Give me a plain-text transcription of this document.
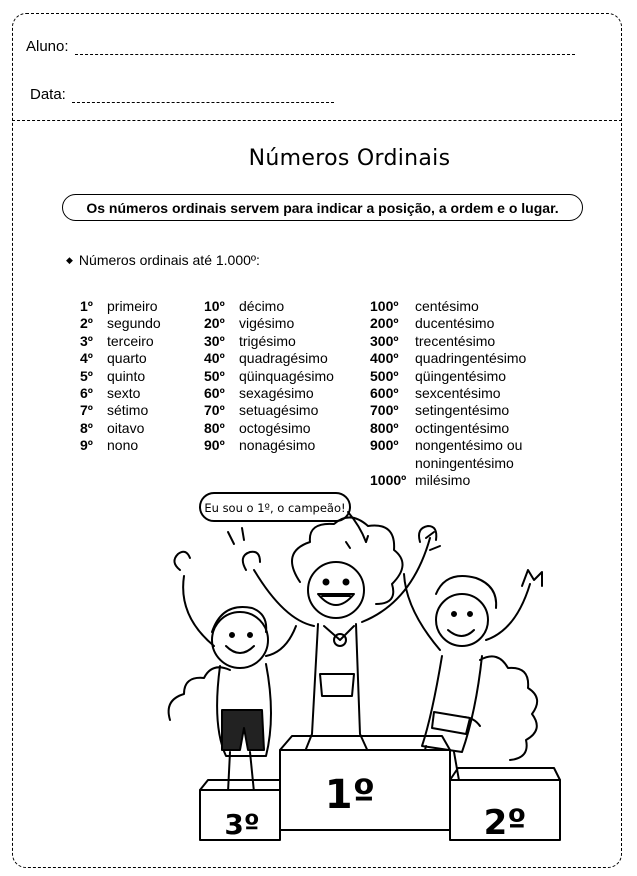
Aluno:
Data:
Números Ordinais
Os números ordinais servem para indicar a posição, a ordem e o lugar.
◆ Números ordinais até 1.000º:
1º	primeiro
2º	segundo
3º	terceiro
4º	quarto
5º	quinto
6º	sexto
7º	sétimo
8º	oitavo
9º	nono
10º	décimo
20º	vigésimo
30º	trigésimo
40º	quadragésimo
50º	qüinquagésimo
60º	sexagésimo
70º	setuagésimo
80º	octogésimo
90º	nonagésimo
100º	centésimo
200º	ducentésimo
300º	trecentésimo
400º	quadringentésimo
500º	qüingentésimo
600º	sexcentésimo
700º	setingentésimo
800º	octingentésimo
900º	nongentésimo ou
noningentésimo
1000º milésimo
Eu sou o 1º, o campeão!
1º
2º
3º
